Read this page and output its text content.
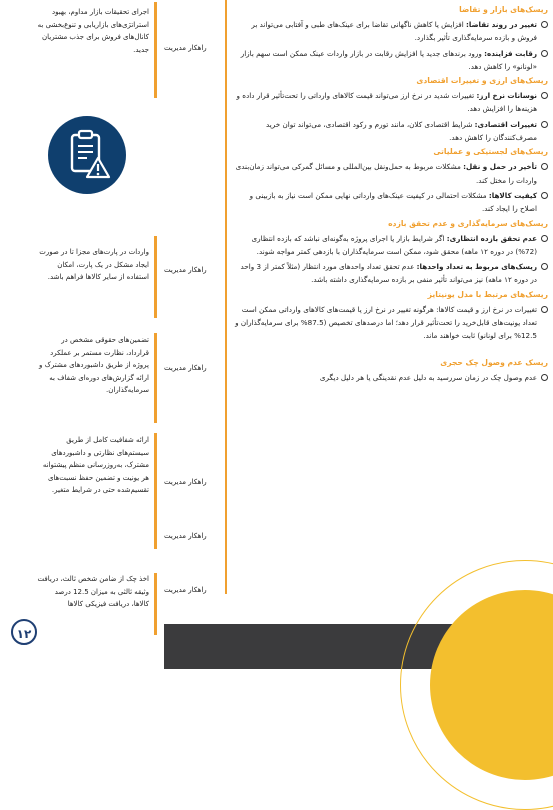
ریسک‌های بازار و تقاضا
تغییر در روند تقاضا: افزایش یا کاهش ناگهانی تقاضا برای عینک‌های طبی و آفتابی می‌تواند بر فروش و بازده سرمایه‌گذاری تأثیر بگذارد.
رقابت فزاینده: ورود برندهای جدید یا افزایش رقابت در بازار واردات عینک ممکن است سهم بازار «لونانو» را کاهش دهد.
ریسک‌های ارزی و تغییرات اقتصادی
نوسانات نرخ ارز: تغییرات شدید در نرخ ارز می‌تواند قیمت کالاهای وارداتی را تحت‌تأثیر قرار داده و هزینه‌ها را افزایش دهد.
تغییرات اقتصادی: شرایط اقتصادی کلان، مانند تورم و رکود اقتصادی، می‌تواند توان خرید مصرف‌کنندگان را کاهش دهد.
ریسک‌های لجستیکی و عملیاتی
تأخیر در حمل و نقل: مشکلات مربوط به حمل‌ونقل بین‌المللی و مسائل گمرکی می‌تواند زمان‌بندی واردات را مختل کند.
کیفیت کالاها: مشکلات احتمالی در کیفیت عینک‌های وارداتی نهایی ممکن است نیاز به بازبینی و اصلاح را ایجاد کند.
ریسک‌های سرمایه‌گذاری و عدم تحقق بازده
عدم تحقق بازده انتظاری: اگر شرایط بازار یا اجرای پروژه به‌گونه‌ای نباشد که بازده انتظاری (72%) در دوره ۱۲ ماهه) محقق شود، ممکن است سرمایه‌گذاران با بازدهی کمتر مواجه شوند.
ریسک‌های مربوط به تعداد واحدها: عدم تحقق تعداد واحدهای مورد انتظار (مثلاً کمتر از 3 واحد در دوره ۱۲ ماهه) نیز می‌تواند تأثیر منفی بر بازده سرمایه‌گذاری داشته باشد.
ریسک‌های مرتبط با مدل یونیتایز
تغییرات در نرخ ارز و قیمت کالاها: هرگونه تغییر در نرخ ارز یا قیمت‌های کالاهای وارداتی ممکن است تعداد یونیت‌های قابل‌خرید را تحت‌تأثیر قرار دهد؛ اما درصدهای تخصیص (87.5% برای سرمایه‌گذاران و 12.5% برای لونانو) ثابت خواهند ماند.
ریسک عدم وصول چک حجری
عدم وصول چک در زمان سررسید به دلیل عدم نقدینگی یا هر دلیل دیگری
راهکار مدیریت
راهکار مدیریت
راهکار مدیریت
راهکار مدیریت
راهکار مدیریت
راهکار مدیریت
اجرای تحقیقات بازار مداوم، بهبود استراتژی‌های بازاریابی و تنوع‌بخشی به کانال‌های فروش برای جذب مشتریان جدید.
واردات در پارت‌های مجزا تا در صورت ایجاد مشکل در یک پارت، امکان استفاده از سایر کالاها فراهم باشد.
تضمین‌های حقوقی مشخص در قرارداد، نظارت مستمر بر عملکرد پروژه از طریق داشبوردهای مشترک و ارائه گزارش‌های دوره‌ای شفاف به سرمایه‌گذاران.
ارائه شفافیت کامل از طریق سیستم‌های نظارتی و داشبوردهای مشترک، به‌روزرسانی منظم پیشتوانه هر یونیت و تضمین حفظ نسبت‌های تقسیم‌شده حتی در شرایط متغیر.
اخذ چک از ضامن شخص ثالث، دریافت وثیقه ثالثی به میزان 12.5 درصد کالاها، دریافت فیزیکی کالاها
۱۲
